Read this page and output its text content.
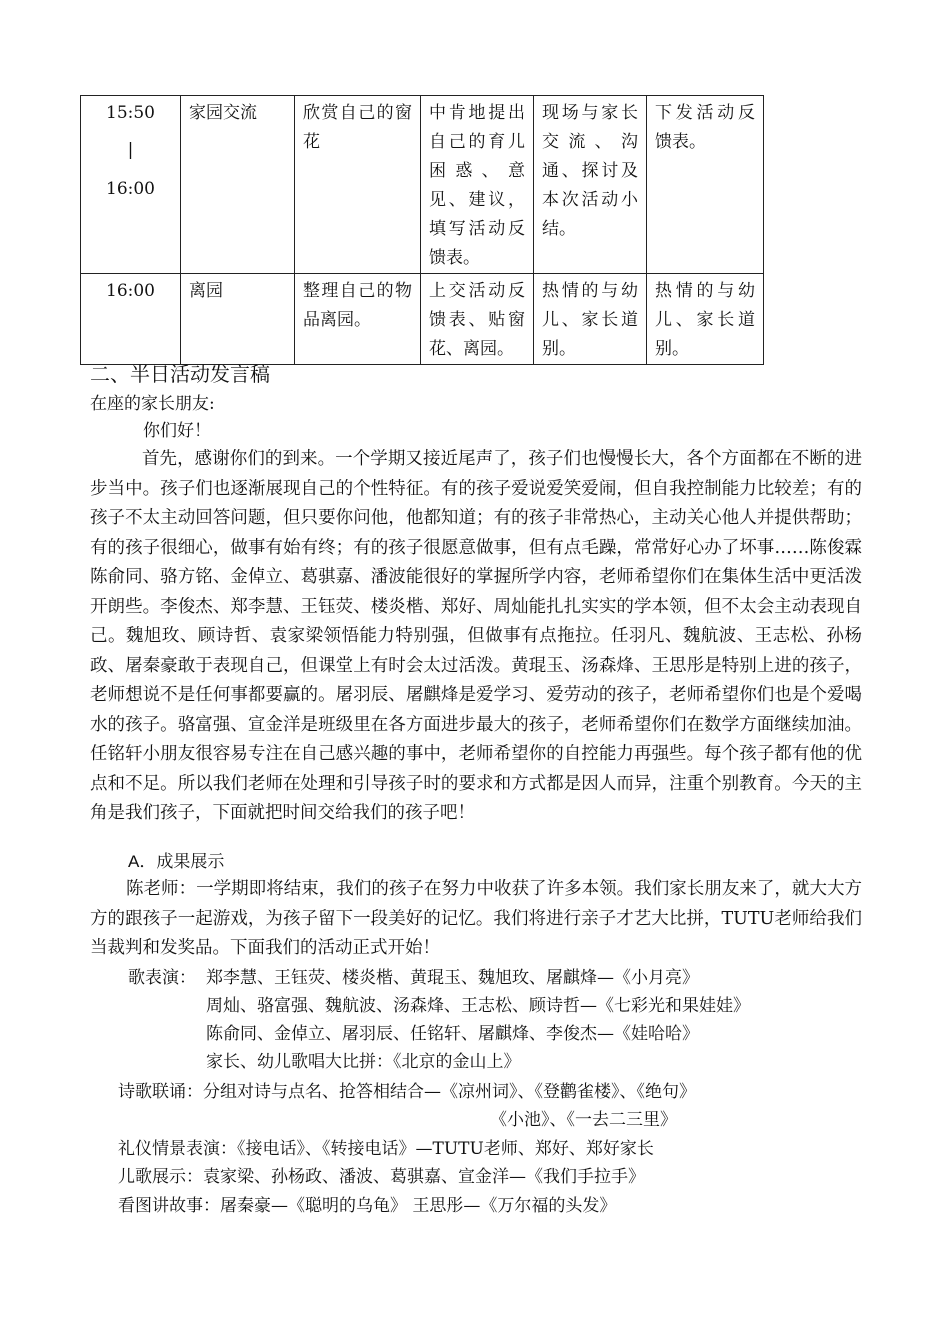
15:50
|
16:00	家园交流	欣赏自己的窗花	中肯地提出自己的育儿困惑、意见、建议，填写活动反馈表。	现场与家长交流、沟通、探讨及本次活动小结。	下发活动反馈表。
16:00	离园	整理自己的物品离园。	上交活动反馈表、贴窗花、离园。	热情的与幼儿、家长道别。	热情的与幼儿、家长道别。
二、半日活动发言稿
在座的家长朋友:
你们好！

首先，感谢你们的到来。一个学期又接近尾声了，孩子们也慢慢长大，各个方面都在不断的进步当中。孩子们也逐渐展现自己的个性特征。有的孩子爱说爱笑爱闹，但自我控制能力比较差；有的孩子不太主动回答问题，但只要你问他，他都知道；有的孩子非常热心，主动关心他人并提供帮助；有的孩子很细心，做事有始有终；有的孩子很愿意做事，但有点毛躁，常常好心办了坏事……陈俊霖陈俞同、骆方铭、金倬立、葛骐嘉、潘波能很好的掌握所学内容，老师希望你们在集体生活中更活泼开朗些。李俊杰、郑李慧、王钰荧、楼炎楷、郑好、周灿能扎扎实实的学本领，但不太会主动表现自己。魏旭玫、顾诗哲、袁家梁领悟能力特别强，但做事有点拖拉。任羽凡、魏航波、王志松、孙杨政、屠秦豪敢于表现自己，但课堂上有时会太过活泼。黄琨玉、汤森烽、王思彤是特别上进的孩子，老师想说不是任何事都要赢的。屠羽辰、屠麒烽是爱学习、爱劳动的孩子，老师希望你们也是个爱喝水的孩子。骆富强、宣金洋是班级里在各方面进步最大的孩子，老师希望你们在数学方面继续加油。任铭轩小朋友很容易专注在自己感兴趣的事中，老师希望你的自控能力再强些。每个孩子都有他的优点和不足。所以我们老师在处理和引导孩子时的要求和方式都是因人而异，注重个别教育。今天的主角是我们孩子，下面就把时间交给我们的孩子吧！

A．成果展示

陈老师：一学期即将结束，我们的孩子在努力中收获了许多本领。我们家长朋友来了，就大大方方的跟孩子一起游戏，为孩子留下一段美好的记忆。我们将进行亲子才艺大比拼，TUTU老师给我们当裁判和发奖品。下面我们的活动正式开始！

歌表演： 郑李慧、王钰荧、楼炎楷、黄琨玉、魏旭玫、屠麒烽—《小月亮》
周灿、骆富强、魏航波、汤森烽、王志松、顾诗哲—《七彩光和果娃娃》
陈俞同、金倬立、屠羽辰、任铭轩、屠麒烽、李俊杰—《娃哈哈》
家长、幼儿歌唱大比拼：《北京的金山上》
诗歌联诵：分组对诗与点名、抢答相结合—《凉州词》、《登鹳雀楼》、《绝句》
《小池》、《一去二三里》
礼仪情景表演：《接电话》、《转接电话》—TUTU老师、郑好、郑好家长
儿歌展示：袁家梁、孙杨政、潘波、葛骐嘉、宣金洋—《我们手拉手》
看图讲故事：屠秦豪—《聪明的乌龟》 王思彤—《万尔福的头发》
